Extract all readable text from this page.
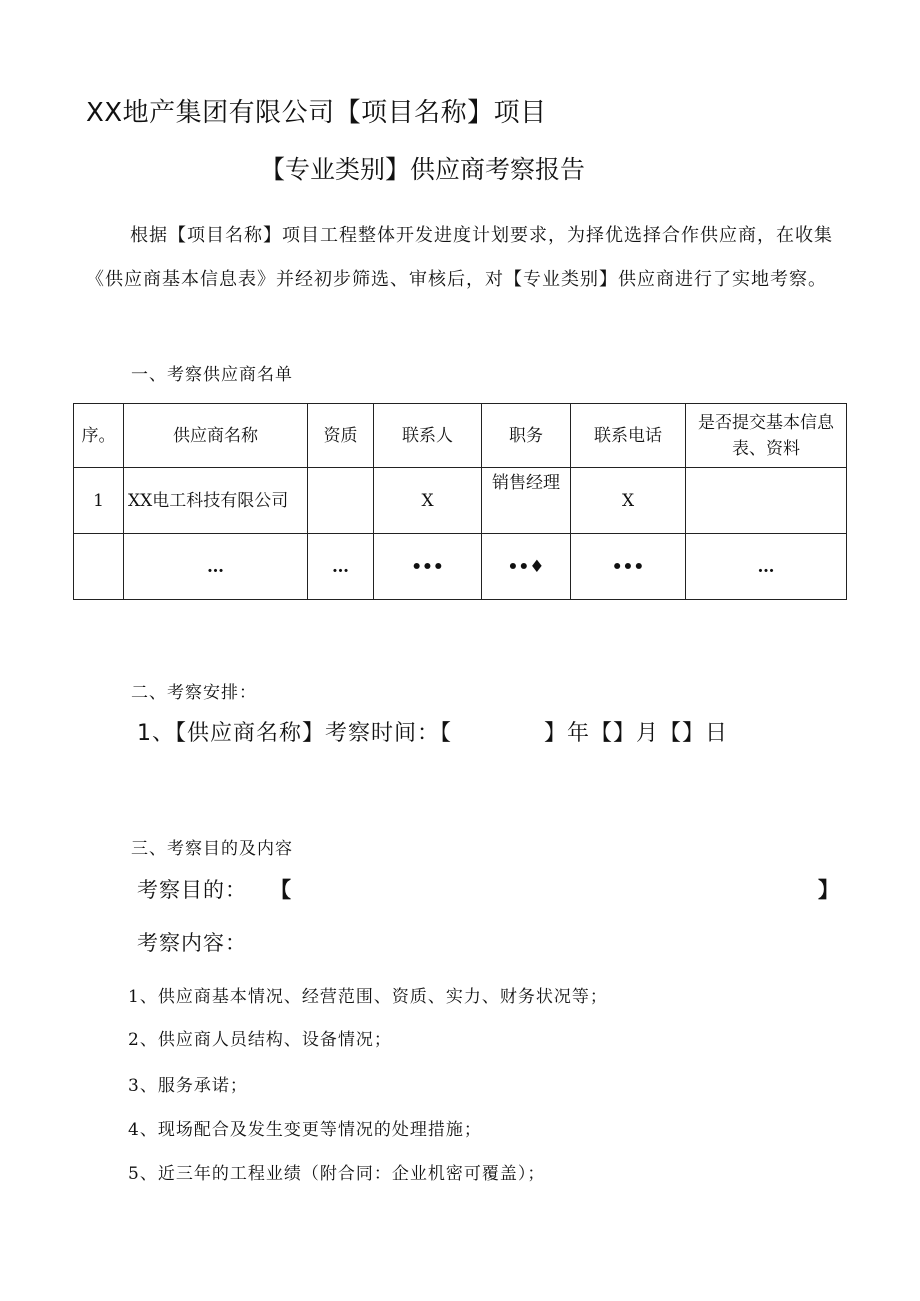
XX地产集团有限公司【项目名称】项目
【专业类别】供应商考察报告

根据【项目名称】项目工程整体开发进度计划要求，为择优选择合作供应商，在收集《供应商基本信息表》并经初步筛选、审核后，对【专业类别】供应商进行了实地考察。

一、考察供应商名单
序。	供应商名称	资质	联系人	职务	联系电话	是否提交基本信息表、资料
1	XX电工科技有限公司		X	销售经理	X	
	…	…	•••	••♦	•••	…
二、考察安排：
1、【供应商名称】考察时间：【　　　　】年【】月【】日
三、考察目的及内容
考察目的： 【	】
考察内容：
1、供应商基本情况、经营范围、资质、实力、财务状况等；
2、供应商人员结构、设备情况；
3、服务承诺；
4、现场配合及发生变更等情况的处理措施；
5、近三年的工程业绩（附合同：企业机密可覆盖）；
